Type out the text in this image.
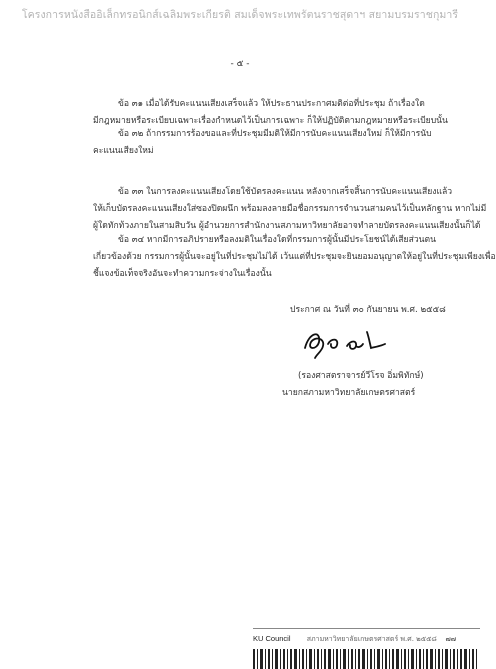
โครงการหนังสืออิเล็กทรอนิกส์เฉลิมพระเกียรติ สมเด็จพระเทพรัตนราชสุดาฯ สยามบรมราชกุมารี
- ๕ -
ข้อ ๓๑ เมื่อได้รับคะแนนเสียงเสร็จแล้ว ให้ประธานประกาศมติต่อที่ประชุม ถ้าเรื่องใด
มีกฎหมายหรือระเบียบเฉพาะเรื่องกำหนดไว้เป็นการเฉพาะ ก็ให้ปฏิบัติตามกฎหมายหรือระเบียบนั้น
ข้อ ๓๒ ถ้ากรรมการร้องขอและที่ประชุมมีมติให้มีการนับคะแนนเสียงใหม่ ก็ให้มีการนับ
คะแนนเสียงใหม่
ข้อ ๓๓ ในการลงคะแนนเสียงโดยใช้บัตรลงคะแนน หลังจากเสร็จสิ้นการนับคะแนนเสียงแล้ว
ให้เก็บบัตรลงคะแนนเสียงใส่ซองปิดผนึก พร้อมลงลายมือชื่อกรรมการจำนวนสามคนไว้เป็นหลักฐาน หากไม่มี
ผู้ใดทักท้วงภายในสามสิบวัน ผู้อำนวยการสำนักงานสภามหาวิทยาลัยอาจทำลายบัตรลงคะแนนเสียงนั้นก็ได้
ข้อ ๓๔ หากมีการอภิปรายหรือลงมติในเรื่องใดที่กรรมการผู้นั้นมีประโยชน์ได้เสียส่วนตน
เกี่ยวข้องด้วย กรรมการผู้นั้นจะอยู่ในที่ประชุมไม่ได้ เว้นแต่ที่ประชุมจะยินยอมอนุญาตให้อยู่ในที่ประชุมเพียงเพื่อ
ชี้แจงข้อเท็จจริงอันจะทำความกระจ่างในเรื่องนั้น
ประกาศ ณ วันที่ ๓๐ กันยายน พ.ศ. ๒๕๕๘
(รองศาสตราจารย์วีโรจ อิ่มพิทักษ์)
นายกสภามหาวิทยาลัยเกษตรศาสตร์
KU Council สภามหาวิทยาลัยเกษตรศาสตร์ พ.ศ. ๒๕๕๘ ๗๗
